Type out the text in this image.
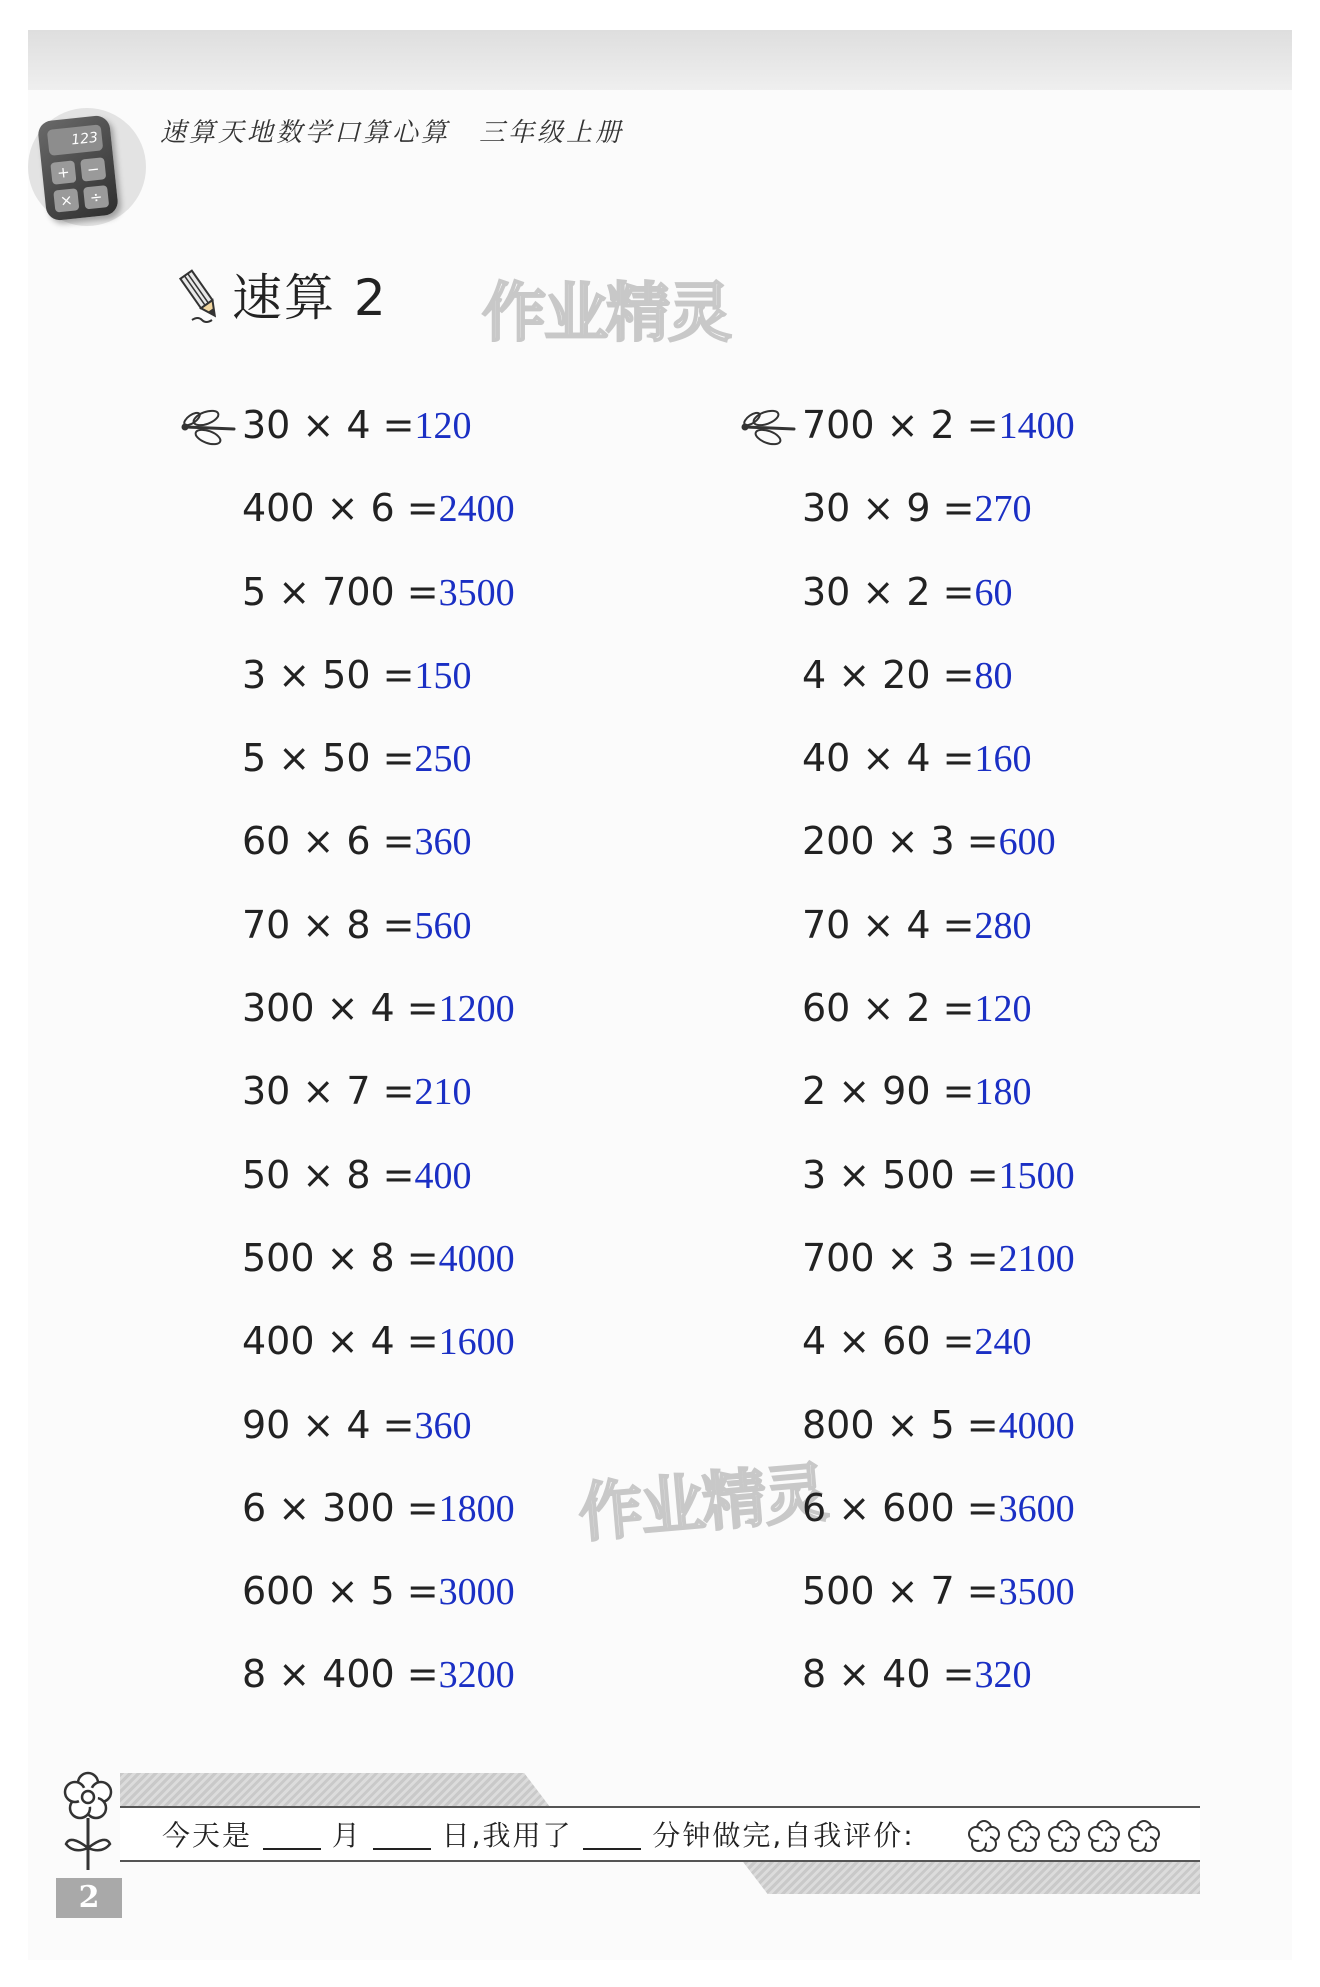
123
+	−
×	÷
速算天地数学口算心算　三年级上册
速算 2 作业精灵
作业精灵
30 × 4 =120
400 × 6 =2400
5 × 700 =3500
3 × 50 =150
5 × 50 =250
60 × 6 =360
70 × 8 =560
300 × 4 =1200
30 × 7 =210
50 × 8 =400
500 × 8 =4000
400 × 4 =1600
90 × 4 =360
6 × 300 =1800
600 × 5 =3000
8 × 400 =3200
700 × 2 =1400
30 × 9 =270
30 × 2 =60
4 × 20 =80
40 × 4 =160
200 × 3 =600
70 × 4 =280
60 × 2 =120
2 × 90 =180
3 × 500 =1500
700 × 3 =2100
4 × 60 =240
800 × 5 =4000
6 × 600 =3600
500 × 7 =3500
8 × 40 =320
今天是	月	日,我用了	分钟做完,自我评价:
2
